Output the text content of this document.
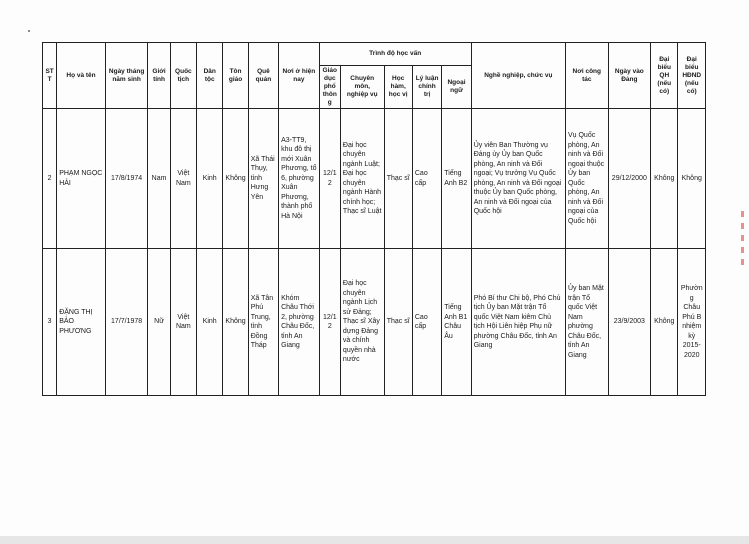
STT	Họ và tên	Ngày tháng năm sinh	Giới tính	Quốc tịch	Dân tộc	Tôn giáo	Quê quán	Nơi ở hiện nay	Trình độ học vấn					Nghề nghiệp, chức vụ	Nơi công tác	Ngày vào Đảng	Đại biểu QH (nếu có)	Đại biểu HĐND (nếu có)
									Giáo dục phổ thông	Chuyên môn, nghiệp vụ	Học hàm, học vị	Lý luận chính trị	Ngoại ngữ					
2	PHẠM NGỌC HẢI	17/8/1974	Nam	Việt Nam	Kinh	Không	Xã Thái Thụy, tỉnh Hưng Yên	A3-TT9, khu đô thị mới Xuân Phương, tổ 6, phường Xuân Phương, thành phố Hà Nội	12/12	Đại học chuyên ngành Luật; Đại học chuyên ngành Hành chính học; Thạc sĩ Luật	Thạc sĩ	Cao cấp	Tiếng Anh B2	Ủy viên Ban Thường vụ Đảng ủy Ủy ban Quốc phòng, An ninh và Đối ngoại; Vụ trưởng Vụ Quốc phòng, An ninh và Đối ngoại thuộc Ủy ban Quốc phòng, An ninh và Đối ngoại của Quốc hội	Vụ Quốc phòng, An ninh và Đối ngoại thuộc Ủy ban Quốc phòng, An ninh và Đối ngoại của Quốc hội	29/12/2000	Không	Không
3	ĐẶNG THỊ BẢO PHƯƠNG	17/7/1978	Nữ	Việt Nam	Kinh	Không	Xã Tân Phú Trung, tỉnh Đồng Tháp	Khóm Châu Thới 2, phường Châu Đốc, tỉnh An Giang	12/12	Đại học chuyên ngành Lịch sử Đảng; Thạc sĩ Xây dựng Đảng và chính quyền nhà nước	Thạc sĩ	Cao cấp	Tiếng Anh B1 Châu Âu	Phó Bí thư Chi bộ, Phó Chủ tịch Ủy ban Mặt trận Tổ quốc Việt Nam kiêm Chủ tịch Hội Liên hiệp Phụ nữ phường Châu Đốc, tỉnh An Giang	Ủy ban Mặt trận Tổ quốc Việt Nam phường Châu Đốc, tỉnh An Giang	23/9/2003	Không	Phường Châu Phú B nhiệm kỳ 2015-2020
